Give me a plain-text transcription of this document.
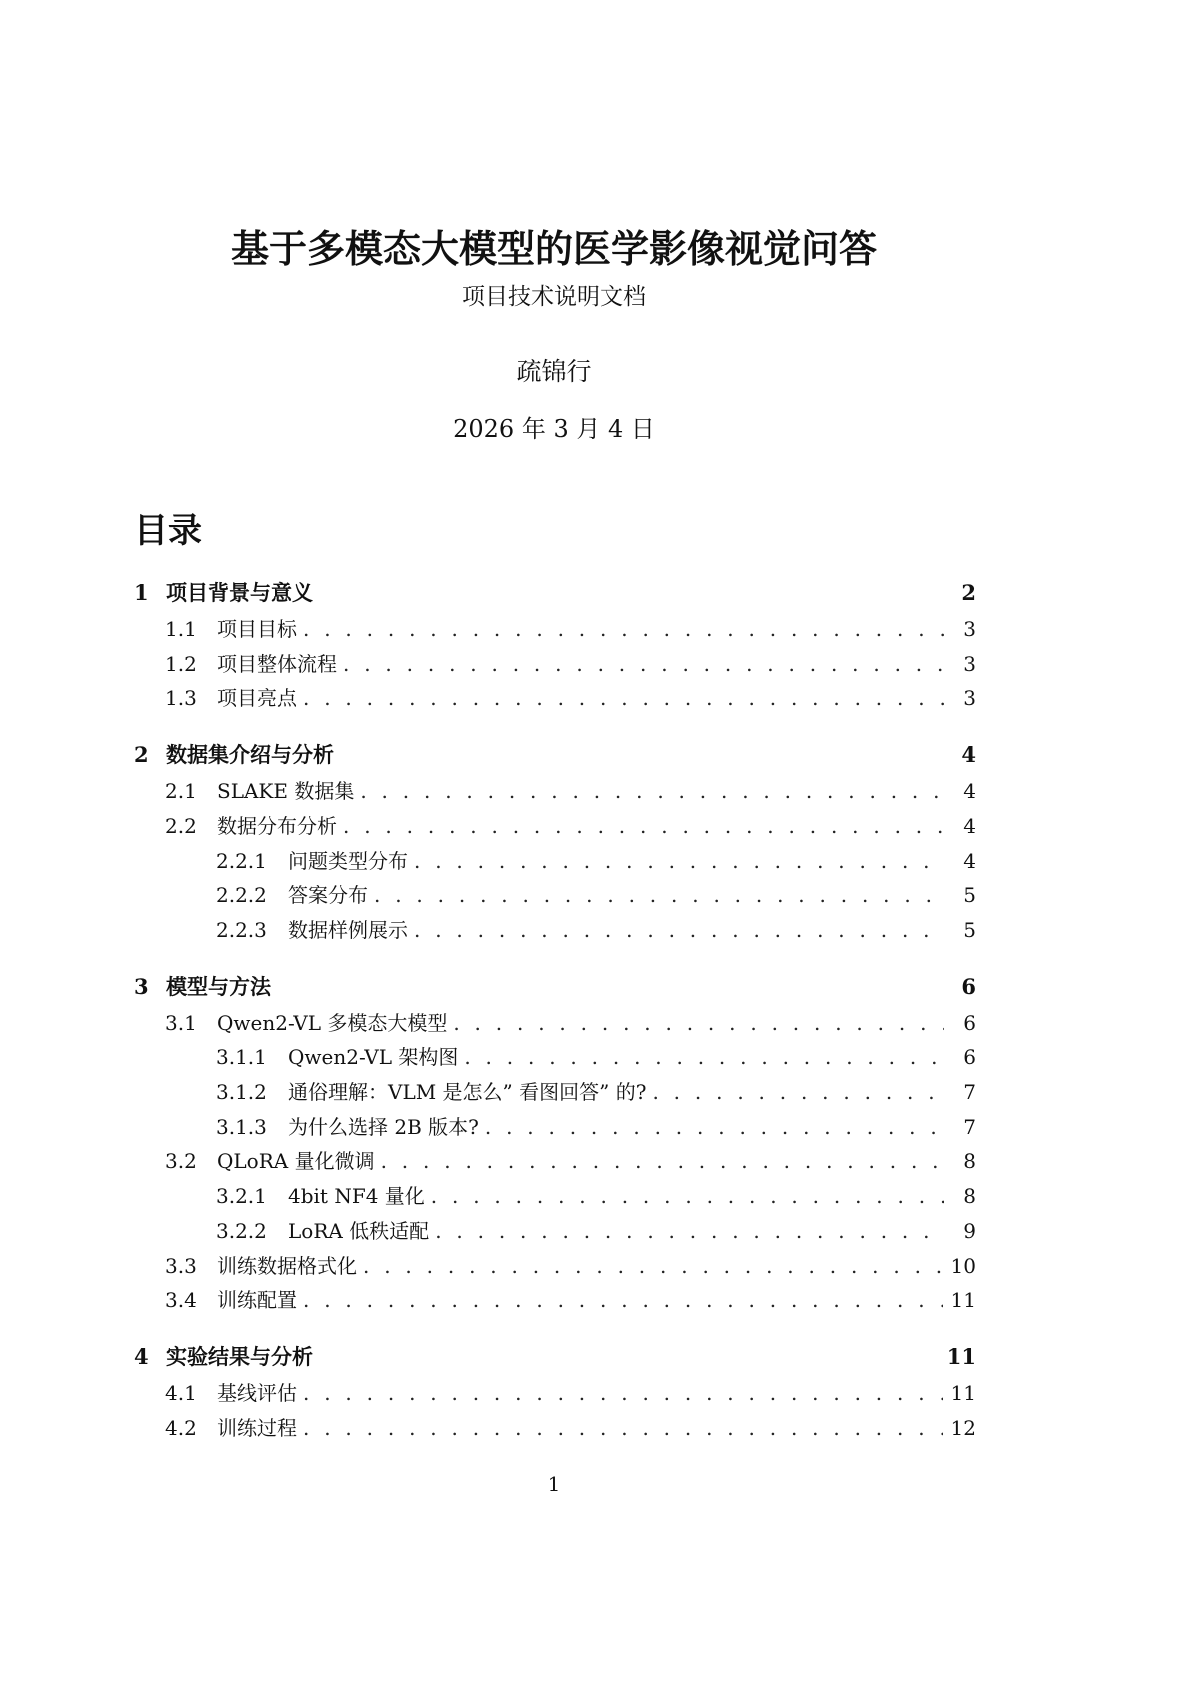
基于多模态大模型的医学影像视觉问答
项目技术说明文档
疏锦行
2026 年 3 月 4 日
目录
1 项目背景与意义	2
1.1	项目目标 . . .	3
1.2	项目整体流程 . . .	3
1.3	项目亮点 . . .	3
2 数据集介绍与分析	4
2.1	SLAKE 数据集 . . .	4
2.2	数据分布分析 . . .	4
2.2.1	问题类型分布 . . .	4
2.2.2	答案分布 . . .	5
2.2.3	数据样例展示 . . .	5
3 模型与方法	6
3.1	Qwen2-VL 多模态大模型 . . .	6
3.1.1	Qwen2-VL 架构图 . . .	6
3.1.2	通俗理解：VLM 是怎么” 看图回答” 的? . . .	7
3.1.3	为什么选择 2B 版本? . . .	7
3.2	QLoRA 量化微调 . . .	8
3.2.1	4bit NF4 量化 . . .	8
3.2.2	LoRA 低秩适配 . . .	9
3.3	训练数据格式化 . . .	10
3.4	训练配置 . . .	11
4 实验结果与分析	11
4.1	基线评估 . . .	11
4.2	训练过程 . . .	12
1
